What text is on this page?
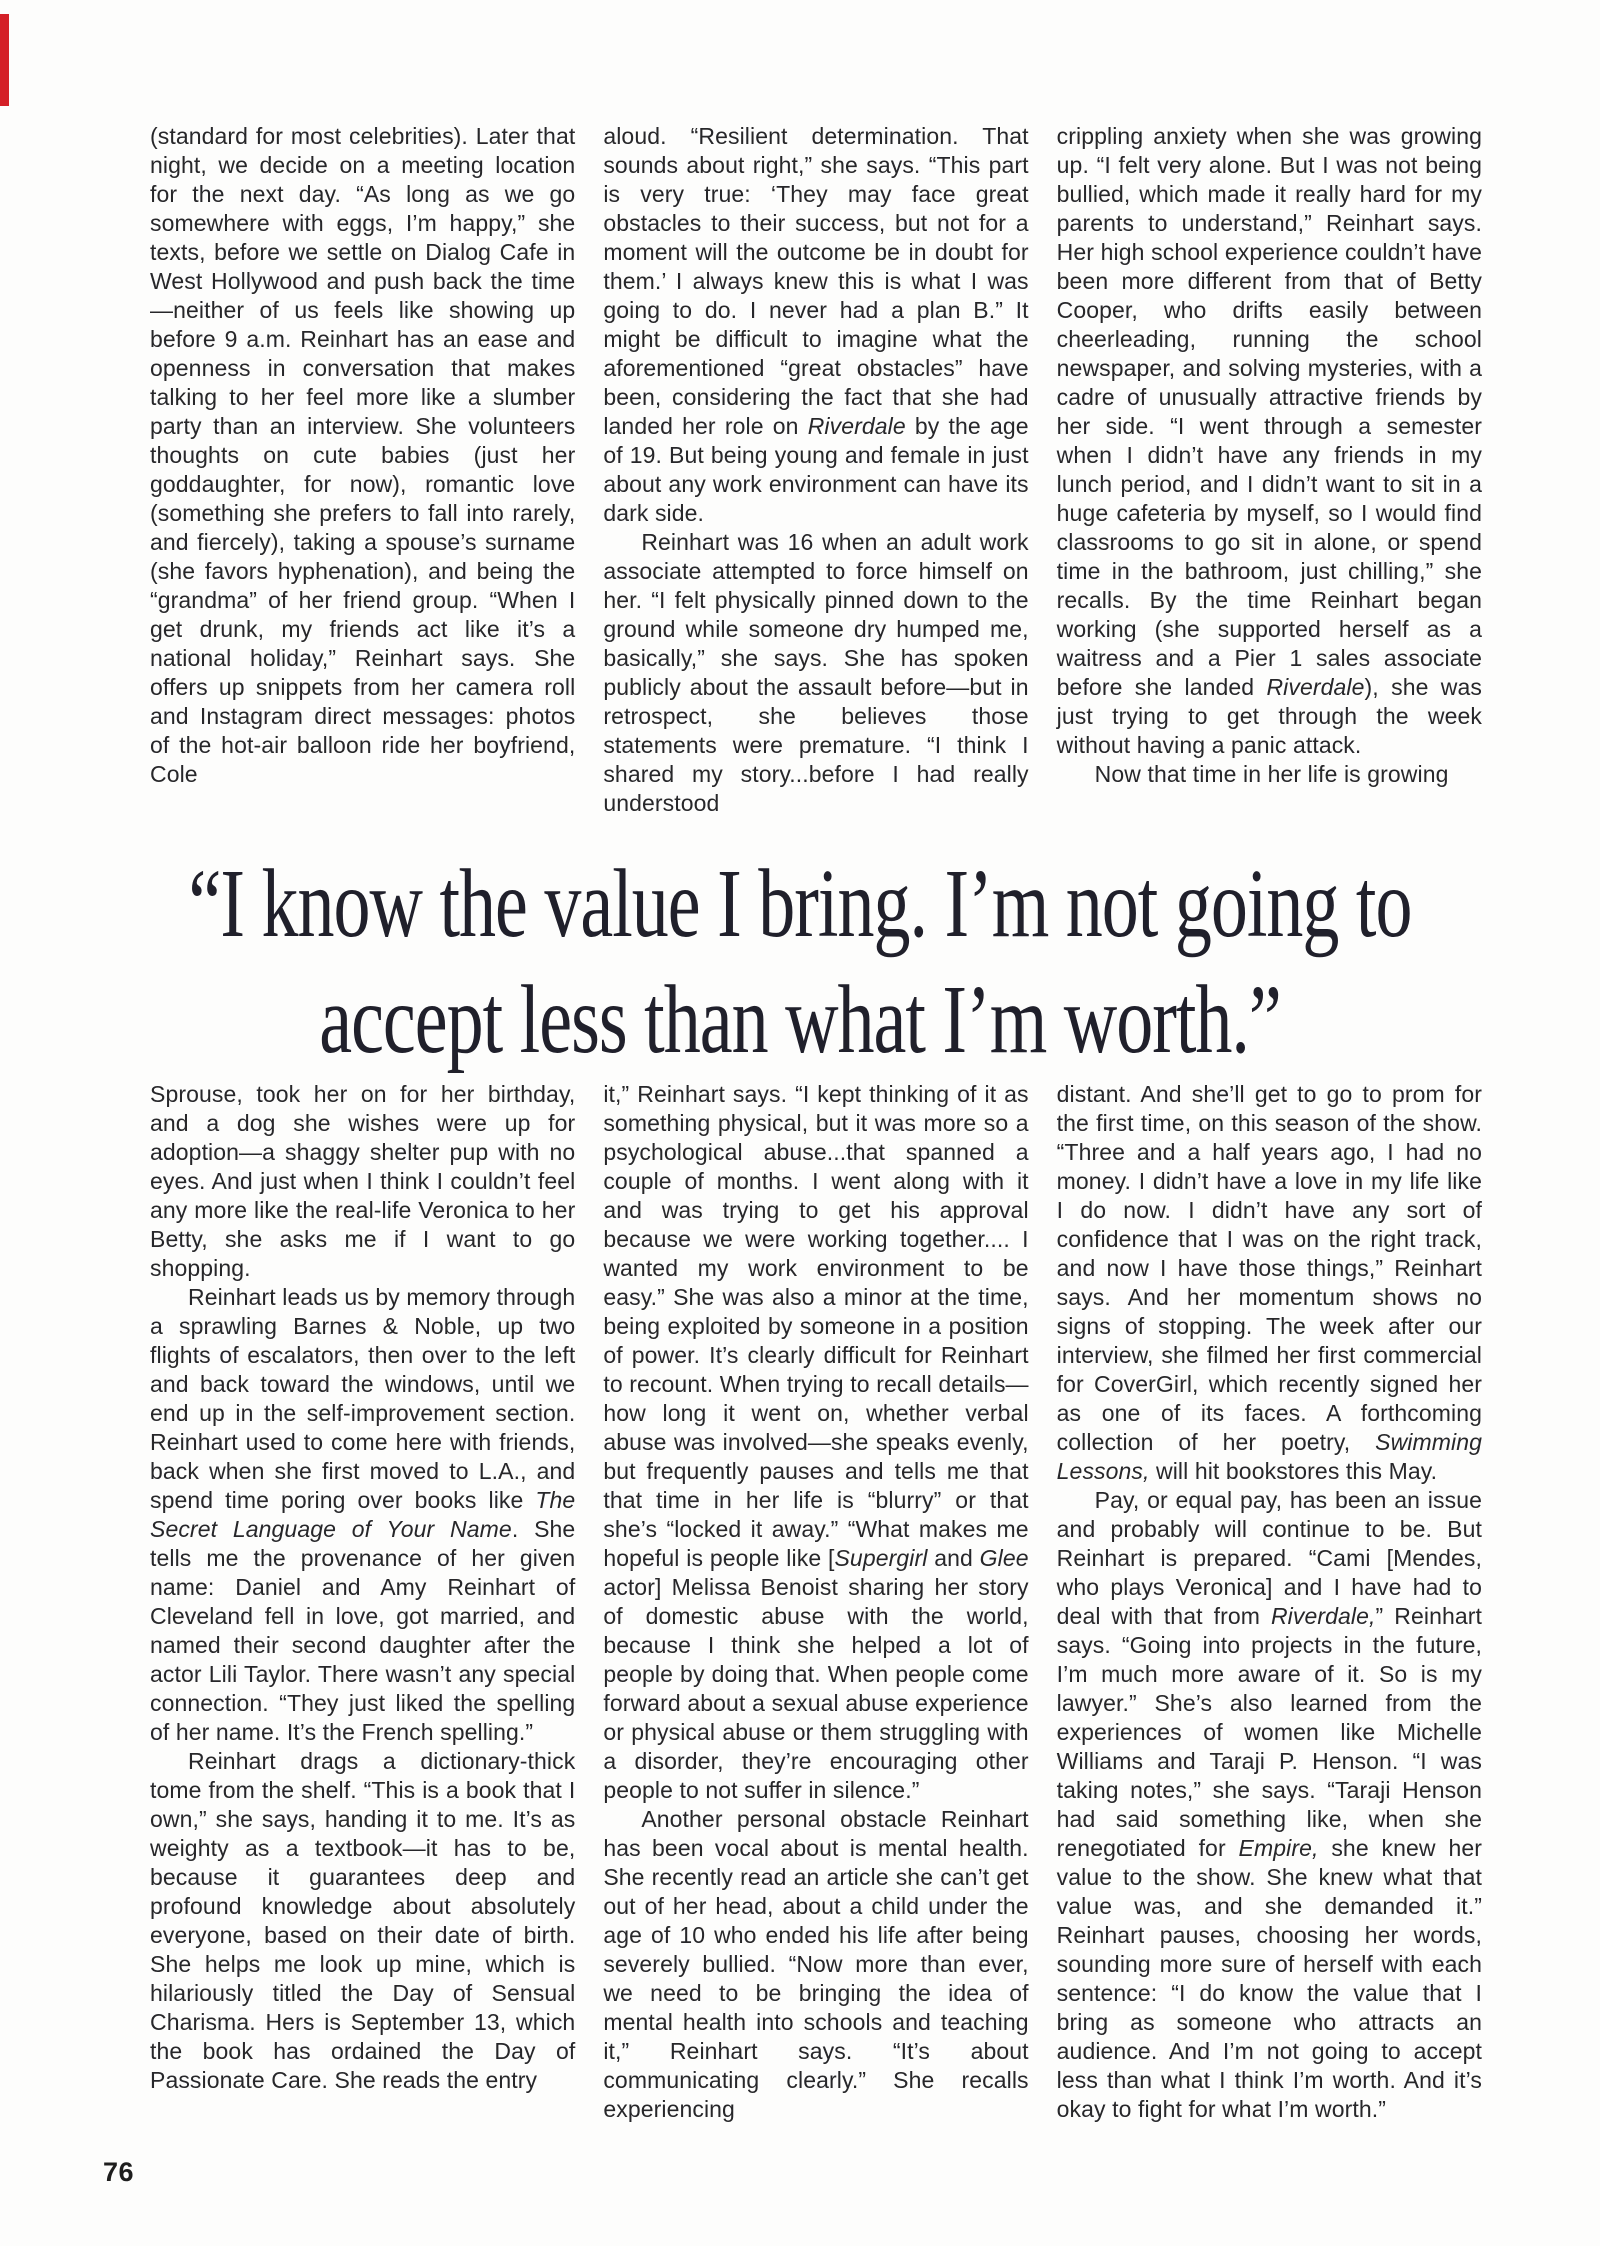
(standard for most celebrities). Later that night, we decide on a meeting location for the next day. “As long as we go somewhere with eggs, I’m happy,” she texts, before we settle on Dialog Cafe in West Hollywood and push back the time—neither of us feels like showing up before 9 a.m. Reinhart has an ease and openness in conversation that makes talking to her feel more like a slumber party than an interview. She volunteers thoughts on cute babies (just her goddaughter, for now), romantic love (something she prefers to fall into rarely, and fiercely), taking a spouse’s surname (she favors hyphenation), and being the “grandma” of her friend group. “When I get drunk, my friends act like it’s a national holiday,” Reinhart says. She offers up snippets from her camera roll and Instagram direct messages: photos of the hot-air balloon ride her boyfriend, Cole

aloud. “Resilient determination. That sounds about right,” she says. “This part is very true: ‘They may face great obstacles to their success, but not for a moment will the outcome be in doubt for them.’ I always knew this is what I was going to do. I never had a plan B.” It might be difficult to imagine what the aforementioned “great obstacles” have been, considering the fact that she had landed her role on Riverdale by the age of 19. But being young and female in just about any work environment can have its dark side.

Reinhart was 16 when an adult work associate attempted to force himself on her. “I felt physically pinned down to the ground while someone dry humped me, basically,” she says. She has spoken publicly about the assault before—but in retrospect, she believes those statements were premature. “I think I shared my story...before I had really understood

crippling anxiety when she was growing up. “I felt very alone. But I was not being bullied, which made it really hard for my parents to understand,” Reinhart says. Her high school experience couldn’t have been more different from that of Betty Cooper, who drifts easily between cheerleading, running the school newspaper, and solving mysteries, with a cadre of unusually attractive friends by her side. “I went through a semester when I didn’t have any friends in my lunch period, and I didn’t want to sit in a huge cafeteria by myself, so I would find classrooms to go sit in alone, or spend time in the bathroom, just chilling,” she recalls. By the time Reinhart began working (she supported herself as a waitress and a Pier 1 sales associate before she landed Riverdale), she was just trying to get through the week without having a panic attack.

Now that time in her life is growing

“I know the value I bring. I’m not going to
accept less than what I’m worth.”

Sprouse, took her on for her birthday, and a dog she wishes were up for adoption—a shaggy shelter pup with no eyes. And just when I think I couldn’t feel any more like the real-life Veronica to her Betty, she asks me if I want to go shopping.

Reinhart leads us by memory through a sprawling Barnes & Noble, up two flights of escalators, then over to the left and back toward the windows, until we end up in the self-improvement section. Reinhart used to come here with friends, back when she first moved to L.A., and spend time poring over books like The Secret Language of Your Name. She tells me the provenance of her given name: Daniel and Amy Reinhart of Cleveland fell in love, got married, and named their second daughter after the actor Lili Taylor. There wasn’t any special connection. “They just liked the spelling of her name. It’s the French spelling.”

Reinhart drags a dictionary-thick tome from the shelf. “This is a book that I own,” she says, handing it to me. It’s as weighty as a textbook—it has to be, because it guarantees deep and profound knowledge about absolutely everyone, based on their date of birth. She helps me look up mine, which is hilariously titled the Day of Sensual Charisma. Hers is September 13, which the book has ordained the Day of Passionate Care. She reads the entry

it,” Reinhart says. “I kept thinking of it as something physical, but it was more so a psychological abuse...that spanned a couple of months. I went along with it and was trying to get his approval because we were working together.... I wanted my work environment to be easy.” She was also a minor at the time, being exploited by someone in a position of power. It’s clearly difficult for Reinhart to recount. When trying to recall details—how long it went on, whether verbal abuse was involved—she speaks evenly, but frequently pauses and tells me that that time in her life is “blurry” or that she’s “locked it away.” “What makes me hopeful is people like [Supergirl and Glee actor] Melissa Benoist sharing her story of domestic abuse with the world, because I think she helped a lot of people by doing that. When people come forward about a sexual abuse experience or physical abuse or them struggling with a disorder, they’re encouraging other people to not suffer in silence.”

Another personal obstacle Reinhart has been vocal about is mental health. She recently read an article she can’t get out of her head, about a child under the age of 10 who ended his life after being severely bullied. “Now more than ever, we need to be bringing the idea of mental health into schools and teaching it,” Reinhart says. “It’s about communicating clearly.” She recalls experiencing

distant. And she’ll get to go to prom for the first time, on this season of the show. “Three and a half years ago, I had no money. I didn’t have a love in my life like I do now. I didn’t have any sort of confidence that I was on the right track, and now I have those things,” Reinhart says. And her momentum shows no signs of stopping. The week after our interview, she filmed her first commercial for CoverGirl, which recently signed her as one of its faces. A forthcoming collection of her poetry, Swimming Lessons, will hit bookstores this May.

Pay, or equal pay, has been an issue and probably will continue to be. But Reinhart is prepared. “Cami [Mendes, who plays Veronica] and I have had to deal with that from Riverdale,” Reinhart says. “Going into projects in the future, I’m much more aware of it. So is my lawyer.” She’s also learned from the experiences of women like Michelle Williams and Taraji P. Henson. “I was taking notes,” she says. “Taraji Henson had said something like, when she renegotiated for Empire, she knew her value to the show. She knew what that value was, and she demanded it.” Reinhart pauses, choosing her words, sounding more sure of herself with each sentence: “I do know the value that I bring as someone who attracts an audience. And I’m not going to accept less than what I think I’m worth. And it’s okay to fight for what I’m worth.”

76
